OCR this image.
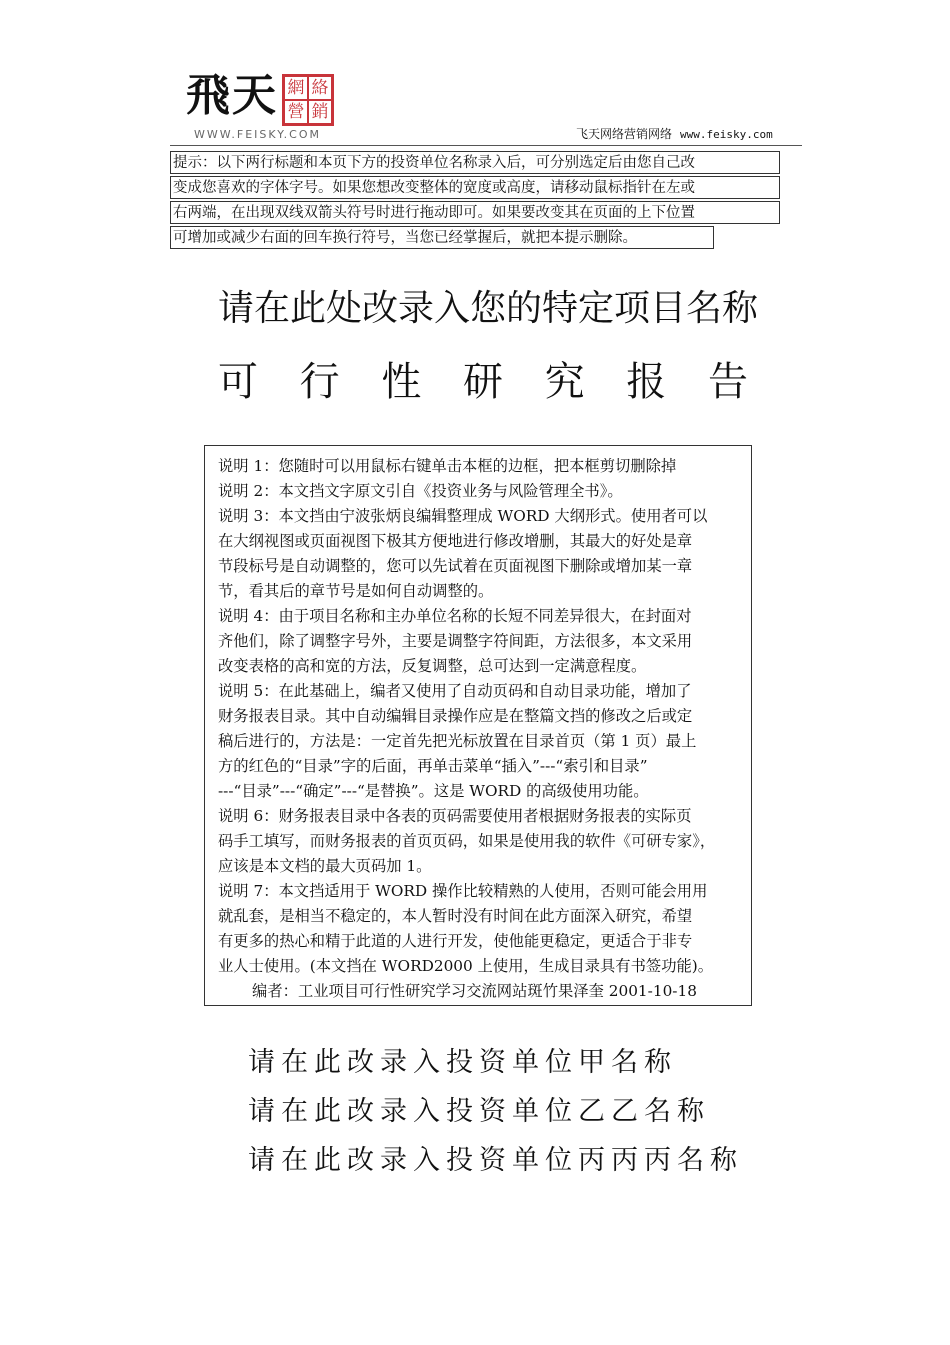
飛天 網 絡
營 銷
WWW.FEISKY.COM	飞天网络营销网络 www.feisky.com
提示：以下两行标题和本页下方的投资单位名称录入后，可分别选定后由您自己改
变成您喜欢的字体字号。如果您想改变整体的宽度或高度，请移动鼠标指针在左或
右两端，在出现双线双箭头符号时进行拖动即可。如果要改变其在页面的上下位置
可增加或减少右面的回车换行符号，当您已经掌握后，就把本提示删除。
请在此处改录入您的特定项目名称
可 行 性 研 究 报 告
说明 1：您随时可以用鼠标右键单击本框的边框，把本框剪切删除掉
说明 2：本文挡文字原文引自《投资业务与风险管理全书》。
说明 3：本文挡由宁波张炳良编辑整理成 WORD 大纲形式。使用者可以
在大纲视图或页面视图下极其方便地进行修改增删，其最大的好处是章
节段标号是自动调整的，您可以先试着在页面视图下删除或增加某一章
节，看其后的章节号是如何自动调整的。
说明 4：由于项目名称和主办单位名称的长短不同差异很大，在封面对
齐他们，除了调整字号外，主要是调整字符间距，方法很多，本文采用
改变表格的高和宽的方法，反复调整，总可达到一定满意程度。
说明 5：在此基础上，编者又使用了自动页码和自动目录功能，增加了
财务报表目录。其中自动编辑目录操作应是在整篇文挡的修改之后或定
稿后进行的，方法是：一定首先把光标放置在目录首页（第 1 页）最上
方的红色的“目录”字的后面，再单击菜单“插入”---“索引和目录”
---“目录”---“确定”---“是替换”。这是 WORD 的高级使用功能。
说明 6：财务报表目录中各表的页码需要使用者根据财务报表的实际页
码手工填写，而财务报表的首页页码，如果是使用我的软件《可研专家》，
应该是本文档的最大页码加 1。
说明 7：本文挡适用于 WORD 操作比较精熟的人使用，否则可能会用用
就乱套，是相当不稳定的，本人暂时没有时间在此方面深入研究，希望
有更多的热心和精于此道的人进行开发，使他能更稳定，更适合于非专
业人士使用。(本文挡在 WORD2000 上使用，生成目录具有书签功能)。
编者：工业项目可行性研究学习交流网站斑竹果泽奎 2001-10-18
请在此改录入投资单位甲名称
请在此改录入投资单位乙乙名称
请在此改录入投资单位丙丙丙名称
